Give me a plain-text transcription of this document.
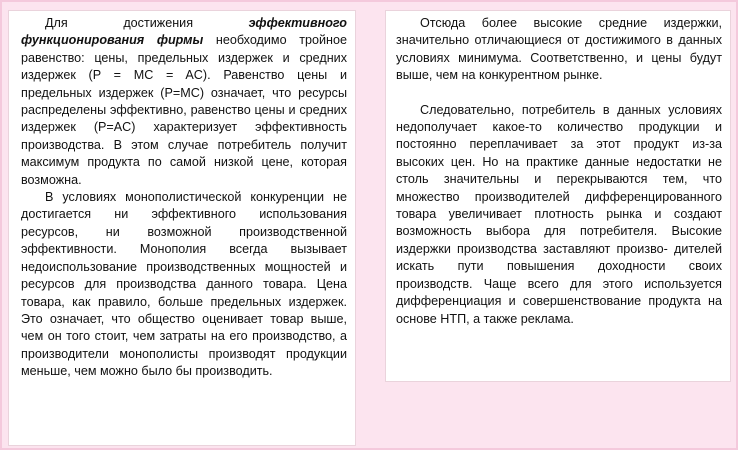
Для достижения эффективного функционирования фирмы необходимо тройное равенство: цены, предельных издержек и средних издержек (P = MC = AC). Равенство цены и предельных издержек (P=MC) означает, что ресурсы распределены эффективно, равенство цены и средних издержек (P=AC) характеризует эффективность производства. В этом случае потребитель получит максимум продукта по самой низкой цене, которая возможна.

В условиях монополистической конкуренции не достигается ни эффективного использования ресурсов, ни возможной производственной эффективности. Монополия всегда вызывает недоиспользование производственных мощностей и ресурсов для производства данного товара. Цена товара, как правило, больше предельных издержек. Это означает, что общество оценивает товар выше, чем он того стоит, чем затраты на его производство, а производители монополисты производят продукции меньше, чем можно было бы производить.

Отсюда более высокие средние издержки, значительно отличающиеся от достижимого в данных условиях минимума. Соответственно, и цены будут выше, чем на конкурентном рынке.

Следовательно, потребитель в данных условиях недополучает какое-то количество продукции и постоянно переплачивает за этот продукт из-за высоких цен. Но на практике данные недостатки не столь значительны и перекрываются тем, что множество производителей дифференцированного товара увеличивает плотность рынка и создают возможность выбора для потребителя. Высокие издержки производства заставляют произво- дителей искать пути повышения доходности своих производств. Чаще всего для этого используется дифференциация и совершенствование продукта на основе НТП, а также реклама.
